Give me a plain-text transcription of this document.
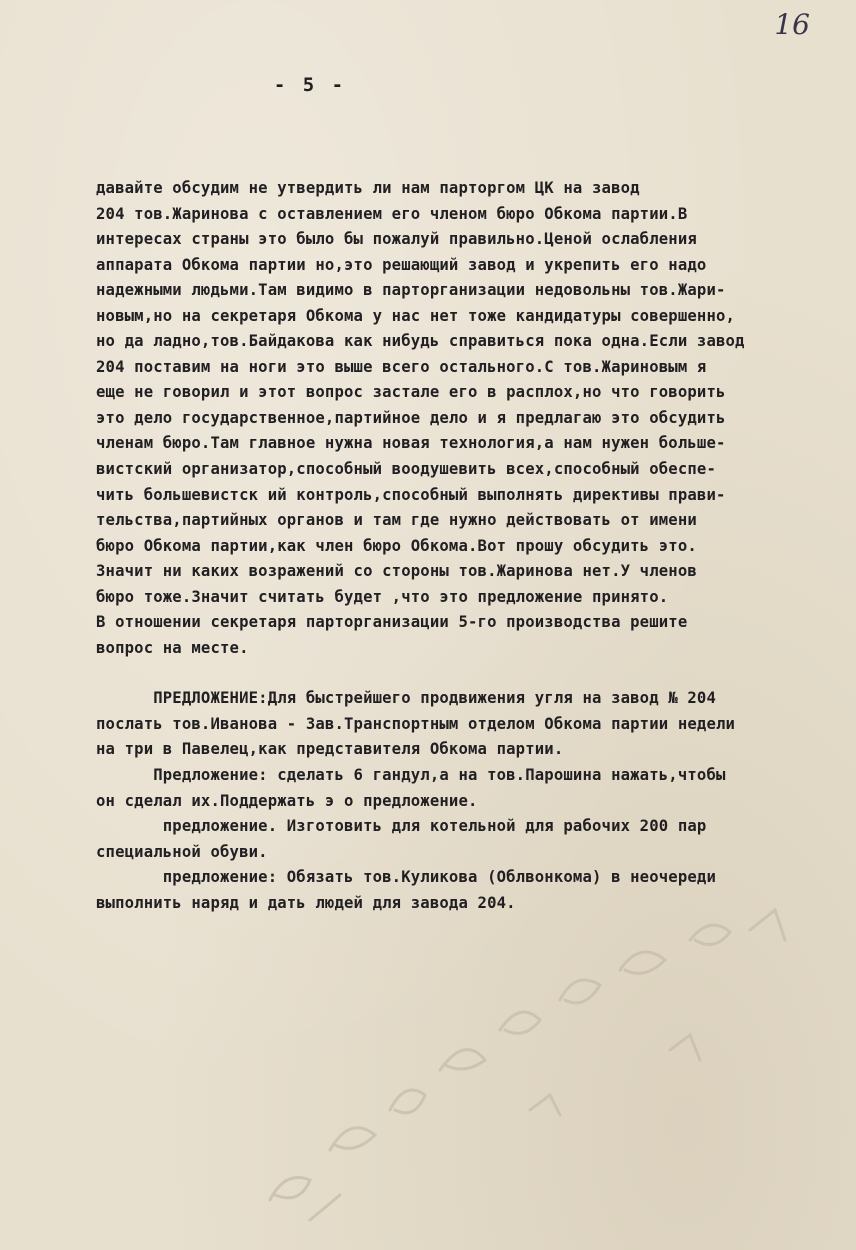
16
- 5 -
давайте обсудим не утвердить ли нам парторгом ЦК на завод
204 тов.Жаринова с оставлением его членом бюро Обкома партии.В
интересах страны это было бы пожалуй правильно.Ценой ослабления
аппарата Обкома партии но,это решающий завод и укрепить его надо
надежными людьми.Там видимо в парторганизации недовольны тов.Жари-
новым,но на секретаря Обкома у нас нет тоже кандидатуры совершенно,
но да ладно,тов.Байдакова как нибудь справиться пока одна.Если завод
204 поставим на ноги это выше всего остального.С тов.Жариновым я
еще не говорил и этот вопрос застале его в расплох,но что говорить
это дело государственное,партийное дело и я предлагаю это обсудить
членам бюро.Там главное нужна новая технология,а нам нужен больше-
вистский организатор,способный воодушевить всех,способный обеспе-
чить большевистск ий контроль,способный выполнять директивы прави-
тельства,партийных органов и там где нужно действовать от имени
бюро Обкома партии,как член бюро Обкома.Вот прошу обсудить это.
Значит ни каких возражений со стороны тов.Жаринова нет.У членов
бюро тоже.Значит считать будет ,что это предложение принято.
В отношении секретаря парторганизации 5-го производства решите
вопрос на месте.
ПРЕДЛОЖЕНИЕ:Для быстрейшего продвижения угля на завод № 204
послать тов.Иванова - Зав.Транспортным отделом Обкома партии недели
на три в Павелец,как представителя Обкома партии.
Предложение: сделать 6 гандул,а на тов.Парошина нажать,чтобы
он сделал их.Поддержать э о предложение.
предложение. Изготовить для котельной для рабочих 200 пар
специальной обуви.
предложение: Обязать тов.Куликова (Облвонкома) в неочереди
выполнить наряд и дать людей для завода 204.
